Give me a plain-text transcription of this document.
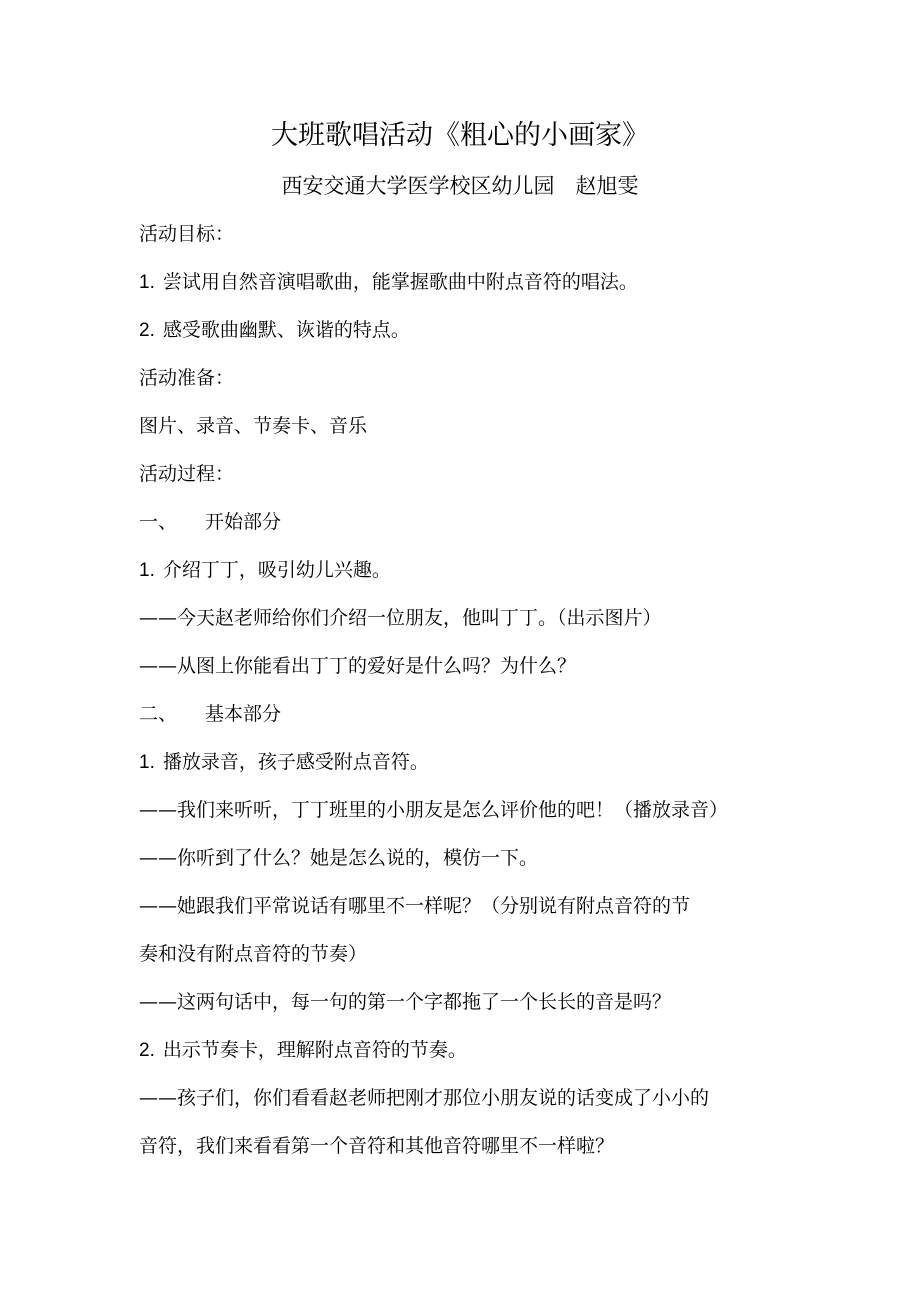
大班歌唱活动《粗心的小画家》
西安交通大学医学校区幼儿园　赵旭雯
活动目标：
1. 尝试用自然音演唱歌曲，能掌握歌曲中附点音符的唱法。
2. 感受歌曲幽默、诙谐的特点。
活动准备：
图片、录音、节奏卡、音乐
活动过程：
一、 开始部分
1. 介绍丁丁，吸引幼儿兴趣。
——今天赵老师给你们介绍一位朋友，他叫丁丁。（出示图片）
——从图上你能看出丁丁的爱好是什么吗？为什么？
二、 基本部分
1. 播放录音，孩子感受附点音符。
——我们来听听，丁丁班里的小朋友是怎么评价他的吧！（播放录音）
——你听到了什么？她是怎么说的，模仿一下。
——她跟我们平常说话有哪里不一样呢？（分别说有附点音符的节
奏和没有附点音符的节奏）
——这两句话中，每一句的第一个字都拖了一个长长的音是吗？
2. 出示节奏卡，理解附点音符的节奏。
——孩子们，你们看看赵老师把刚才那位小朋友说的话变成了小小的
音符，我们来看看第一个音符和其他音符哪里不一样啦？
